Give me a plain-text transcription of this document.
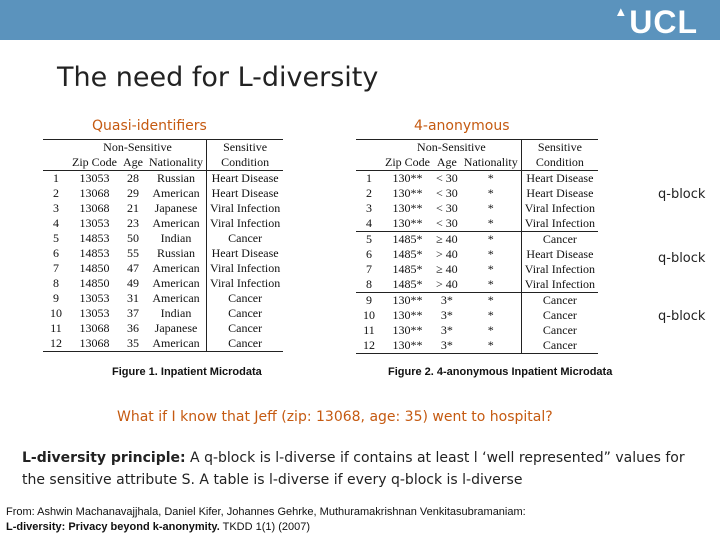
▲UCL
The need for L-diversity
Quasi-identifiers	4-anonymous
	Non-Sensitive			Sensitive
	Zip Code	Age	Nationality	Condition
1	13053	28	Russian	Heart Disease
2	13068	29	American	Heart Disease
3	13068	21	Japanese	Viral Infection
4	13053	23	American	Viral Infection
5	14853	50	Indian	Cancer
6	14853	55	Russian	Heart Disease
7	14850	47	American	Viral Infection
8	14850	49	American	Viral Infection
9	13053	31	American	Cancer
10	13053	37	Indian	Cancer
11	13068	36	Japanese	Cancer
12	13068	35	American	Cancer
Figure 1. Inpatient Microdata
	Non-Sensitive			Sensitive
	Zip Code	Age	Nationality	Condition
1	130**	< 30	*	Heart Disease
2	130**	< 30	*	Heart Disease
3	130**	< 30	*	Viral Infection
4	130**	< 30	*	Viral Infection
5	1485*	≥ 40	*	Cancer
6	1485*	> 40	*	Heart Disease
7	1485*	≥ 40	*	Viral Infection
8	1485*	> 40	*	Viral Infection
9	130**	3*	*	Cancer
10	130**	3*	*	Cancer
11	130**	3*	*	Cancer
12	130**	3*	*	Cancer
Figure 2. 4-anonymous Inpatient Microdata
q-block
q-block
q-block
What if I know that Jeff (zip: 13068, age: 35) went to hospital?
L-diversity principle: A q-block is l-diverse if contains at least l ‘well represented” values for the sensitive attribute S. A table is l-diverse if every q-block is l-diverse
From: Ashwin Machanavajjhala, Daniel Kifer, Johannes Gehrke, Muthuramakrishnan Venkitasubramaniam:
L-diversity: Privacy beyond k-anonymity. TKDD 1(1) (2007)
